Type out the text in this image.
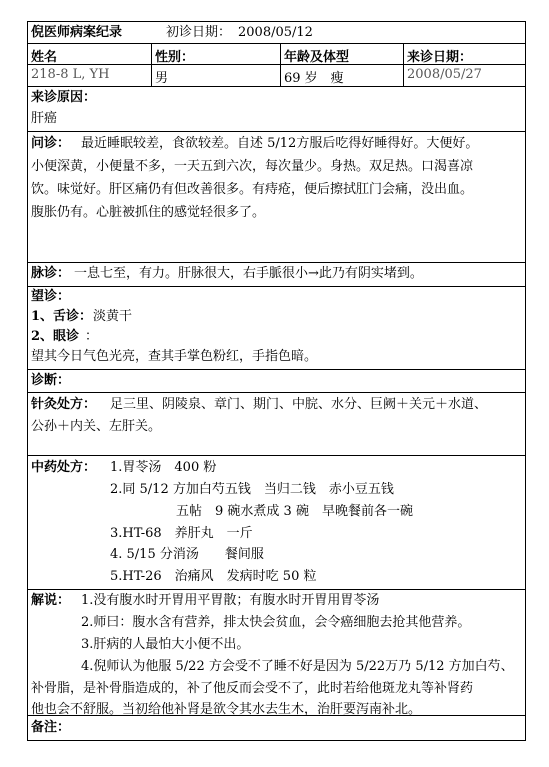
倪医师病案纪录	初诊日期： 2008/05/12
姓名	性别：	年龄及体型	来诊日期：
218-8 L, YH	男	69 岁　瘦	2008/05/27
来诊原因：
肝癌
问诊： 最近睡眠较差，食欲较差。自述 5/12方服后吃得好睡得好。大便好。
小便深黄，小便量不多，一天五到六次，每次量少。身热。双足热。口渴喜凉
饮。味觉好。肝区痛仍有但改善很多。有痔疮，便后擦拭肛门会痛，没出血。
腹胀仍有。心脏被抓住的感觉轻很多了。
脉诊： 一息七至，有力。肝脉很大，右手脈很小→此乃有阴实堵到。
望诊：
1、舌诊： 淡黄干
2、眼诊 ：
望其今日气色光亮，查其手掌色粉红，手指色暗。
诊断：
针灸处方： 足三里、阴陵泉、章门、期门、中脘、水分、巨阙＋关元＋水道、
公孙＋内关、左肝关。
中药处方： 1.胃苓汤　400 粉
2.同 5/12 方加白芍五钱　当归二钱　赤小豆五钱
五帖　9 碗水煮成 3 碗　早晚餐前各一碗
3.HT-68　养肝丸　一斤
4. 5/15 分消汤　　餐间服
5.HT-26　治痛风　发病时吃 50 粒
解说： 1.没有腹水时开胃用平胃散；有腹水时开胃用胃苓汤
2.师曰：腹水含有营养，排太快会贫血，会令癌细胞去抢其他营养。
3.肝病的人最怕大小便不出。
4.倪师认为他服 5/22 方会受不了睡不好是因为 5/22万乃 5/12 方加白芍、
补骨脂，是补骨脂造成的，补了他反而会受不了，此时若给他斑龙丸等补肾药
他也会不舒服。当初给他补肾是欲令其水去生木，治肝要泻南补北。
备注：
